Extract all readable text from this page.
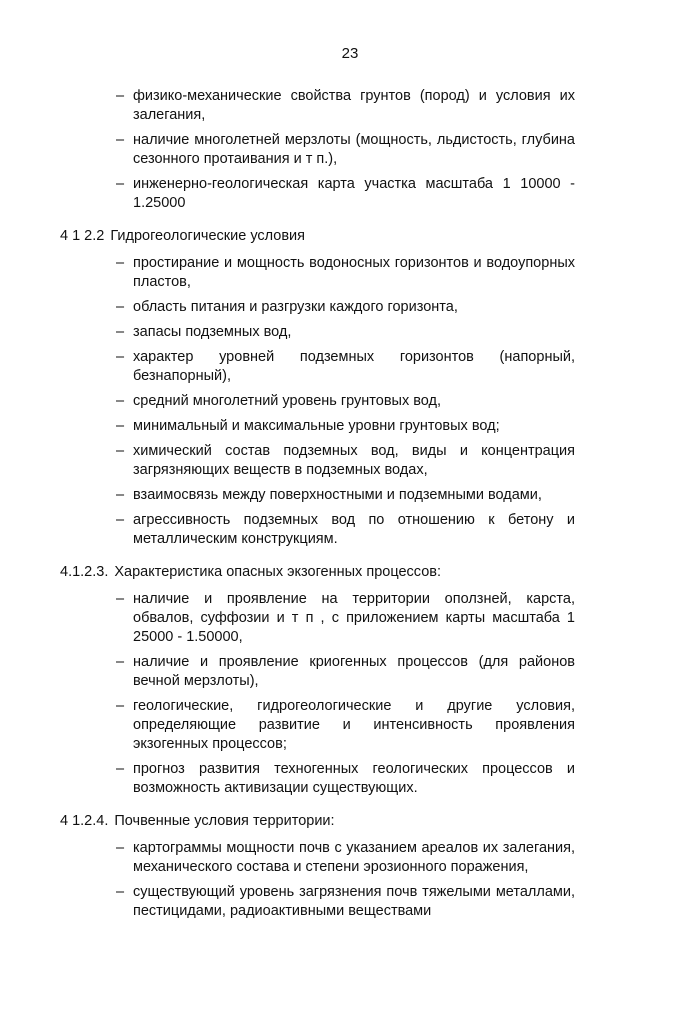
23
– физико-механические свойства грунтов (пород) и условия их залегания,
– наличие многолетней мерзлоты (мощность, льдистость, глубина сезонного протаивания и т п.),
– инженерно-геологическая карта участка масштаба 1 10000 - 1.25000

4 1 2.2 Гидрогеологические условия

– простирание и мощность водоносных горизонтов и водоупорных пластов,
– область питания и разгрузки каждого горизонта,
– запасы подземных вод,
– характер уровней подземных горизонтов (напорный, безнапорный),
– средний многолетний уровень грунтовых вод,
– минимальный и максимальные уровни грунтовых вод;
– химический состав подземных вод, виды и концентрация загрязняющих веществ в подземных водах,
– взаимосвязь между поверхностными и подземными водами,
– агрессивность подземных вод по отношению к бетону и металлическим конструкциям.

4.1.2.3. Характеристика опасных экзогенных процессов:

– наличие и проявление на территории оползней, карста, обвалов, суффозии и т п , с приложением карты масштаба 1 25000 - 1.50000,
– наличие и проявление криогенных процессов (для районов вечной мерзлоты),
– геологические, гидрогеологические и другие условия, определяющие развитие и интенсивность проявления экзогенных процессов;
– прогноз развития техногенных геологических процессов и возможность активизации существующих.

4 1.2.4. Почвенные условия территории:

– картограммы мощности почв с указанием ареалов их залегания, механического состава и степени эрозионного поражения,
– существующий уровень загрязнения почв тяжелыми металлами, пестицидами, радиоактивными веществами
